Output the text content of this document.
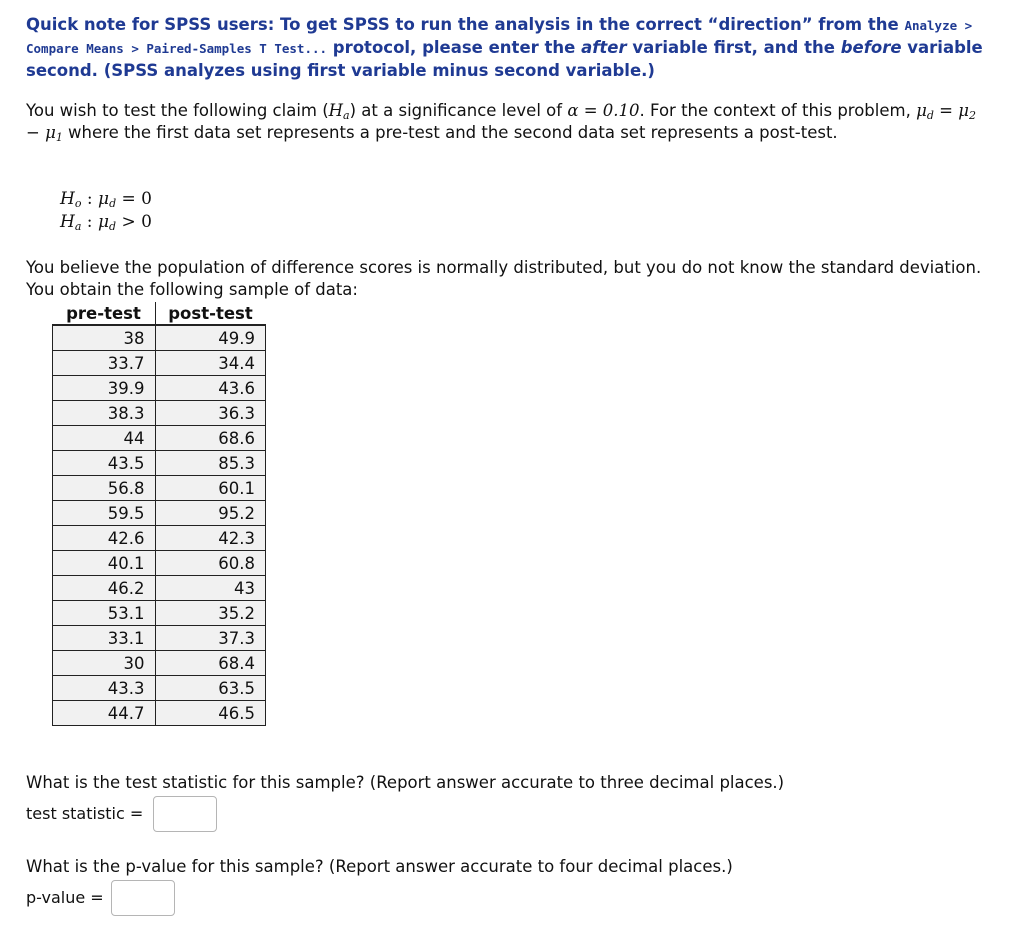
Quick note for SPSS users: To get SPSS to run the analysis in the correct “direction” from the Analyze > Compare Means > Paired-Samples T Test... protocol, please enter the after variable first, and the before variable second. (SPSS analyzes using first variable minus second variable.)
You wish to test the following claim $(H_a)$ at a significance level of α = 0.10. For the context of this problem, $\mu_d = \mu_2 - \mu_1$ where the first data set represents a pre-test and the second data set represents a post-test.
$H_o$ : $\mu_d = 0$
$H_a$ : $\mu_d > 0$
You believe the population of difference scores is normally distributed, but you do not know the standard deviation. You obtain the following sample of data:
pre-test	post-test
38	49.9
33.7	34.4
39.9	43.6
38.3	36.3
44	68.6
43.5	85.3
56.8	60.1
59.5	95.2
42.6	42.3
40.1	60.8
46.2	43
53.1	35.2
33.1	37.3
30	68.4
43.3	63.5
44.7	46.5
What is the test statistic for this sample? (Report answer accurate to three decimal places.)
test statistic =
What is the p-value for this sample? (Report answer accurate to four decimal places.)
p-value =
